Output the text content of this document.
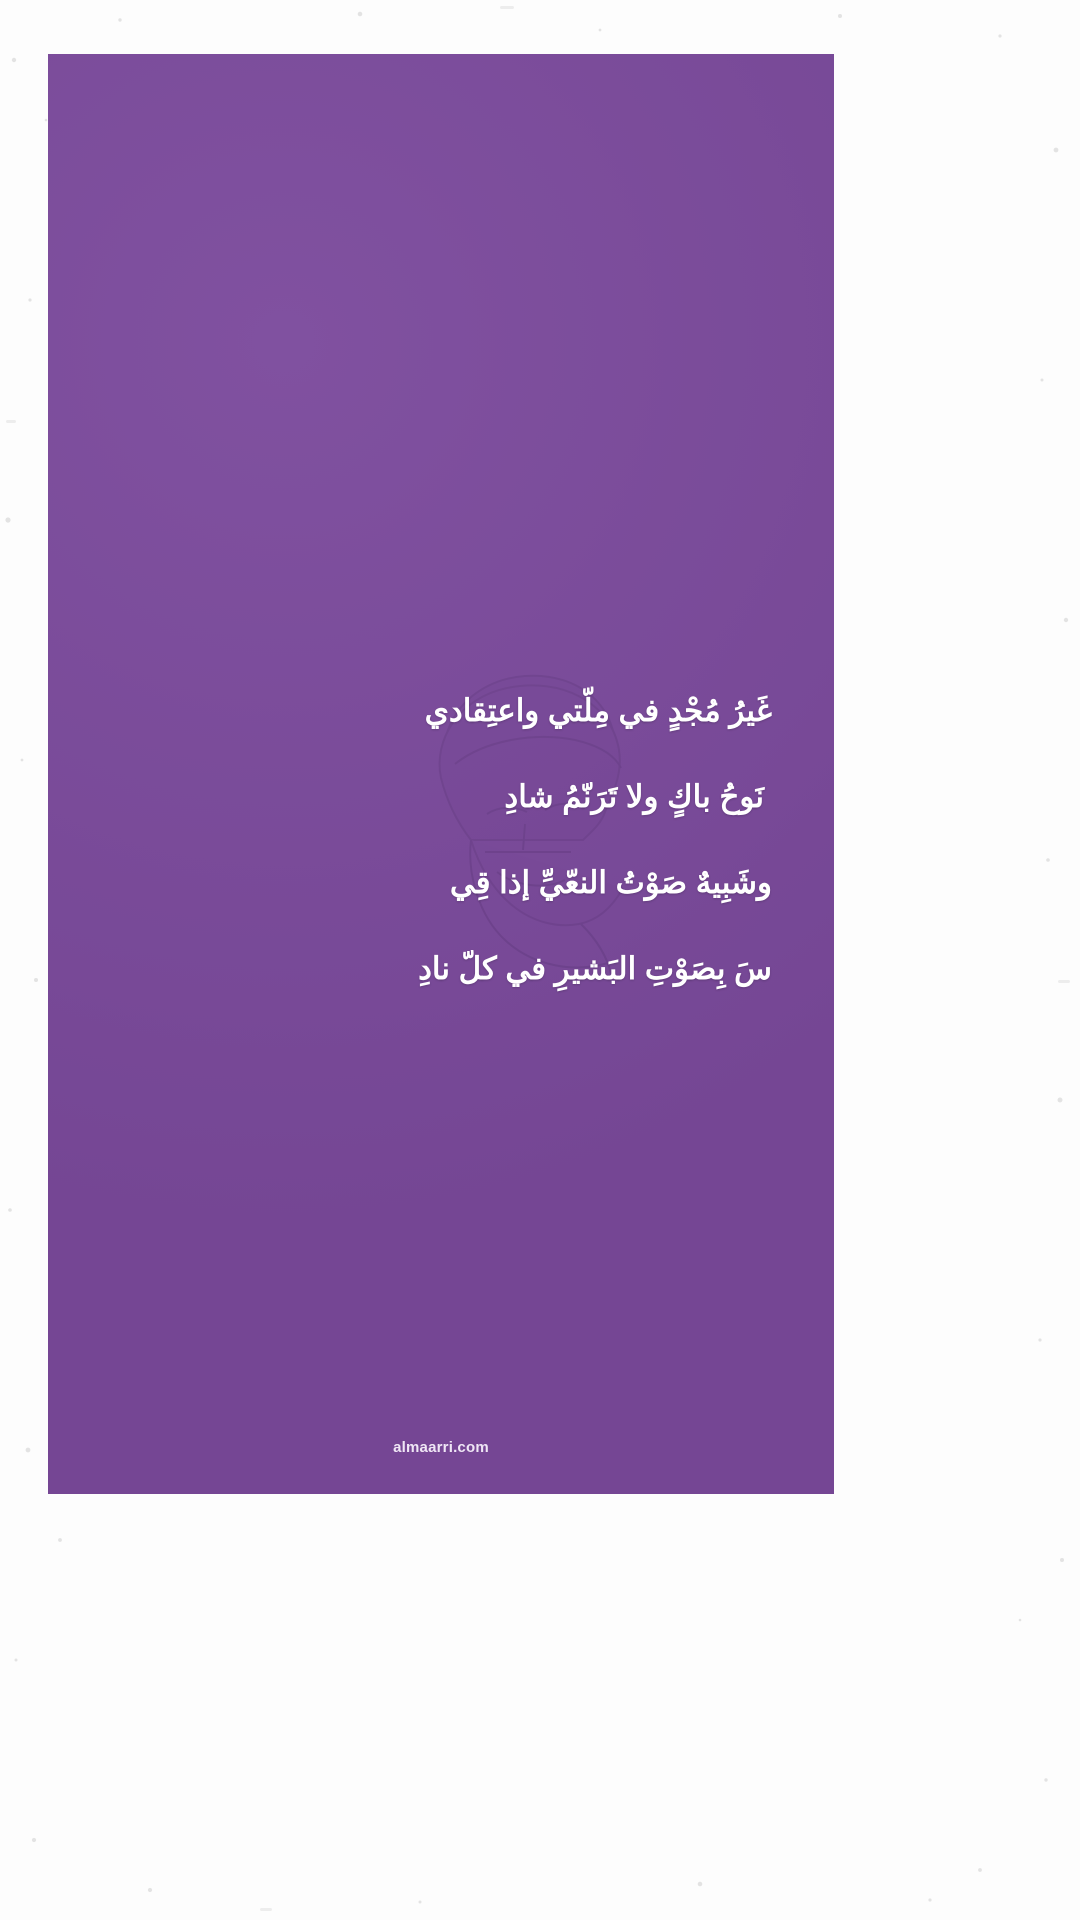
غَيرُ مُجْدٍ في مِلّتي واعتِقادي

نَوحُ باكٍ ولا تَرَنّمُ شادِ

وشَبِيهٌ صَوْتُ النعّيِّ إذا قِي

سَ بِصَوْتِ البَشيرِ في كلّ نادِ

almaarri.com
